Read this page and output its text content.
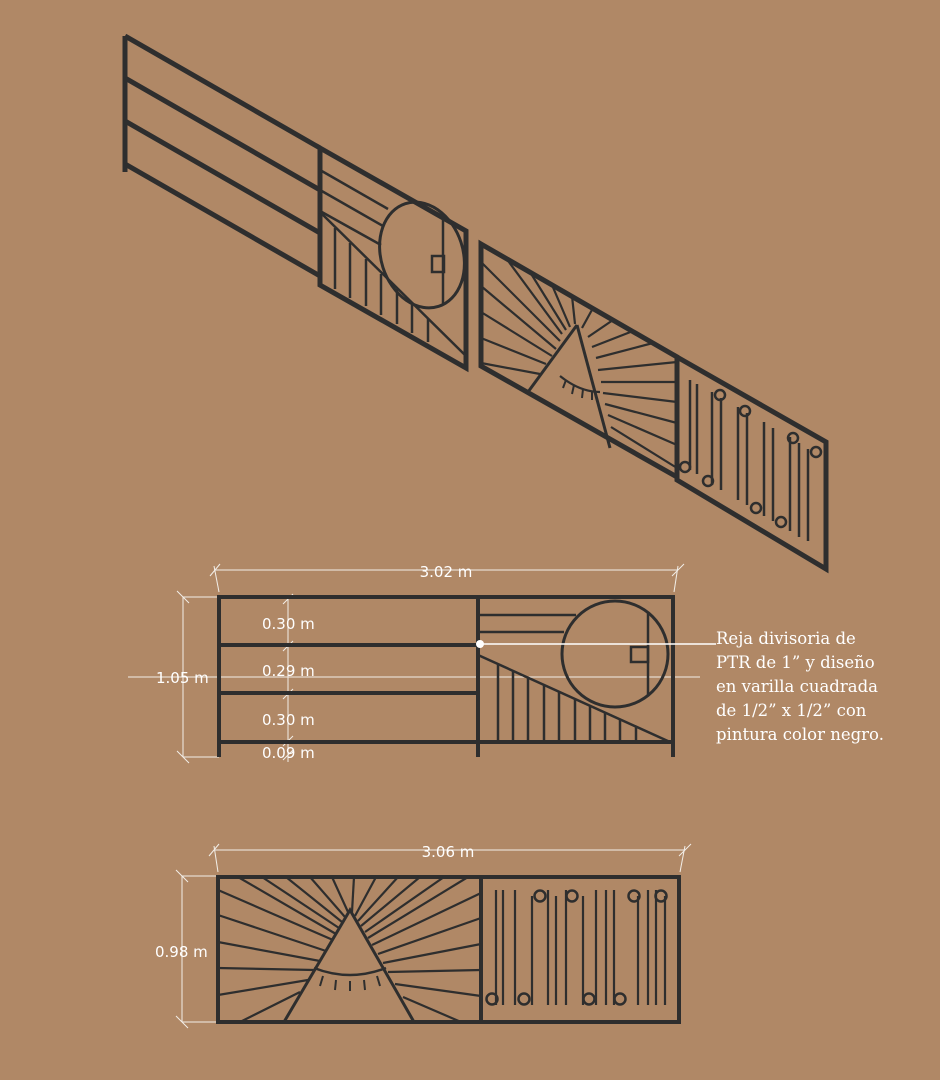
3.02 m
1.05 m
0.30 m
0.29 m
0.30 m
0.09 m
Reja divisoria de
PTR de 1” y diseño
en varilla cuadrada
de 1/2” x 1/2” con
pintura color negro.
3.06 m
0.98 m
